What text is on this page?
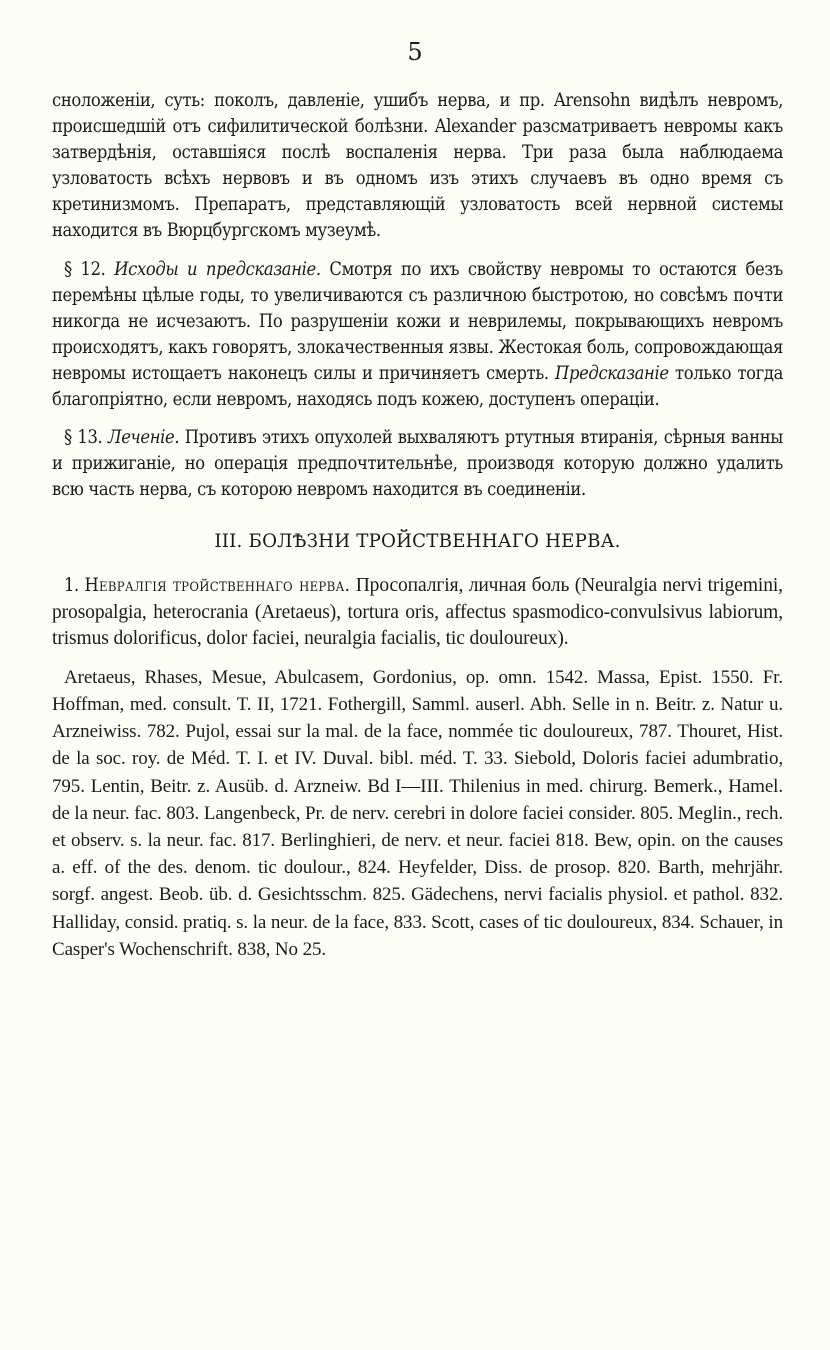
5

сноложеніи, суть: поколъ, давленіе, ушибъ нерва, и пр. Arensohn видѣлъ невромъ, происшедшій отъ сифилитической болѣзни. Alexander разсматриваетъ невромы какъ затвердѣнія, оставшіяся послѣ воспаленія нерва. Три раза была наблюдаема узловатость всѣхъ нервовъ и въ одномъ изъ этихъ случаевъ въ одно время съ кретинизмомъ. Препаратъ, представляющій узловатость всей нервной системы находится въ Вюрцбургскомъ музеумѣ.

§ 12. Исходы и предсказаніе. Смотря по ихъ свойству невромы то остаются безъ перемѣны цѣлые годы, то увеличиваются съ различною быстротою, но совсѣмъ почти никогда не исчезаютъ. По разрушеніи кожи и неврилемы, покрывающихъ невромъ происходятъ, какъ говорятъ, злокачественныя язвы. Жестокая боль, сопровождающая невромы истощаетъ наконецъ силы и причиняетъ смерть. Предсказаніе только тогда благопріятно, если невромъ, находясь подъ кожею, доступенъ операціи.

§ 13. Леченіе. Противъ этихъ опухолей выхваляютъ ртутныя втиранія, сѣрныя ванны и прижиганіе, но операція предпочтительнѣе, производя которую должно удалить всю часть нерва, съ которою невромъ находится въ соединеніи.

III. БОЛѢЗНИ ТРОЙСТВЕННАГО НЕРВА.

1. Невралгія тройственнаго нерва. Просопалгія, личная боль (Neuralgia nervi trigemini, prosopalgia, heterocrania (Aretaeus), tortura oris, affectus spasmodico-convulsivus labiorum, trismus dolorificus, dolor faciei, neuralgia facialis, tic douloureux).

Aretaeus, Rhases, Mesue, Abulcasem, Gordonius, op. omn. 1542. Massa, Epist. 1550. Fr. Hoffman, med. consult. T. II, 1721. Fothergill, Samml. auserl. Abh. Selle in n. Beitr. z. Natur u. Arzneiwiss. 782. Pujol, essai sur la mal. de la face, nommée tic douloureux, 787. Thouret, Hist. de la soc. roy. de Méd. T. I. et IV. Duval. bibl. méd. T. 33. Siebold, Doloris faciei adumbratio, 795. Lentin, Beitr. z. Ausüb. d. Arzneiw. Bd I—III. Thilenius in med. chirurg. Bemerk., Hamel. de la neur. fac. 803. Langenbeck, Pr. de nerv. cerebri in dolore faciei consider. 805. Meglin., rech. et observ. s. la neur. fac. 817. Berlinghieri, de nerv. et neur. faciei 818. Bew, opin. on the causes a. eff. of the des. denom. tic doulour., 824. Heyfelder, Diss. de prosop. 820. Barth, mehrjähr. sorgf. angest. Beob. üb. d. Gesichtsschm. 825. Gädechens, nervi facialis physiol. et pathol. 832. Halliday, consid. pratiq. s. la neur. de la face, 833. Scott, cases of tic douloureux, 834. Schauer, in Casper's Wochenschrift. 838, No 25.
